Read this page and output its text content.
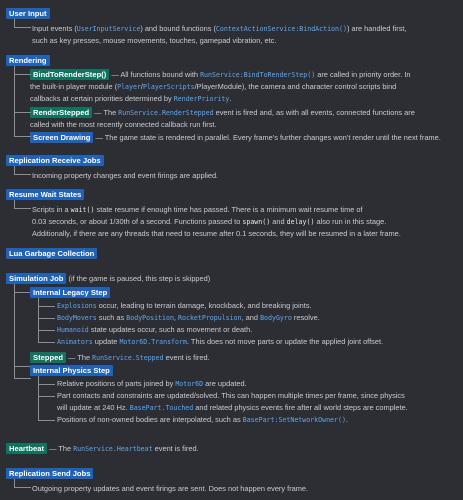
User Input
Input events (UserInputService) and bound functions (ContextActionService:BindAction()) are handled first,
such as key presses, mouse movements, touches, gamepad vibration, etc.
Rendering
BindToRenderStep() — All functions bound with RunService:BindToRenderStep() are called in priority order. In
the built-in player module (Player/PlayerScripts/PlayerModule), the camera and character control scripts bind
callbacks at certain priorities determined by RenderPriority.
RenderStepped — The RunService.RenderStepped event is fired and, as with all events, connected functions are
called with the most recently connected callback run first.
Screen Drawing — The game state is rendered in parallel. Every frame's further changes won't render until the next frame.
Replication Receive Jobs
Incoming property changes and event firings are applied.
Resume Wait States
Scripts in a wait() state resume if enough time has passed. There is a minimum wait resume time of
0.03 seconds, or about 1/30th of a second. Functions passed to spawn() and delay() also run in this stage.
Additionally, if there are any threads that need to resume after 0.1 seconds, they will be resumed in a later frame.
Lua Garbage Collection
Simulation Job (if the game is paused, this step is skipped)
Internal Legacy Step
Explosions occur, leading to terrain damage, knockback, and breaking joints.
BodyMovers such as BodyPosition, RocketPropulsion, and BodyGyro resolve.
Humanoid state updates occur, such as movement or death.
Animators update Motor6D.Transform. This does not move parts or update the applied joint offset.
Stepped — The RunService.Stepped event is fired.
Internal Physics Step
Relative positions of parts joined by Motor6D are updated.
Part contacts and constraints are updated/solved. This can happen multiple times per frame, since physics
will update at 240 Hz. BasePart.Touched and related physics events fire after all world steps are complete.
Positions of non-owned bodies are interpolated, such as BasePart:SetNetworkOwner().
Heartbeat — The RunService.Heartbeat event is fired.
Replication Send Jobs
Outgoing property updates and event firings are sent. Does not happen every frame.
